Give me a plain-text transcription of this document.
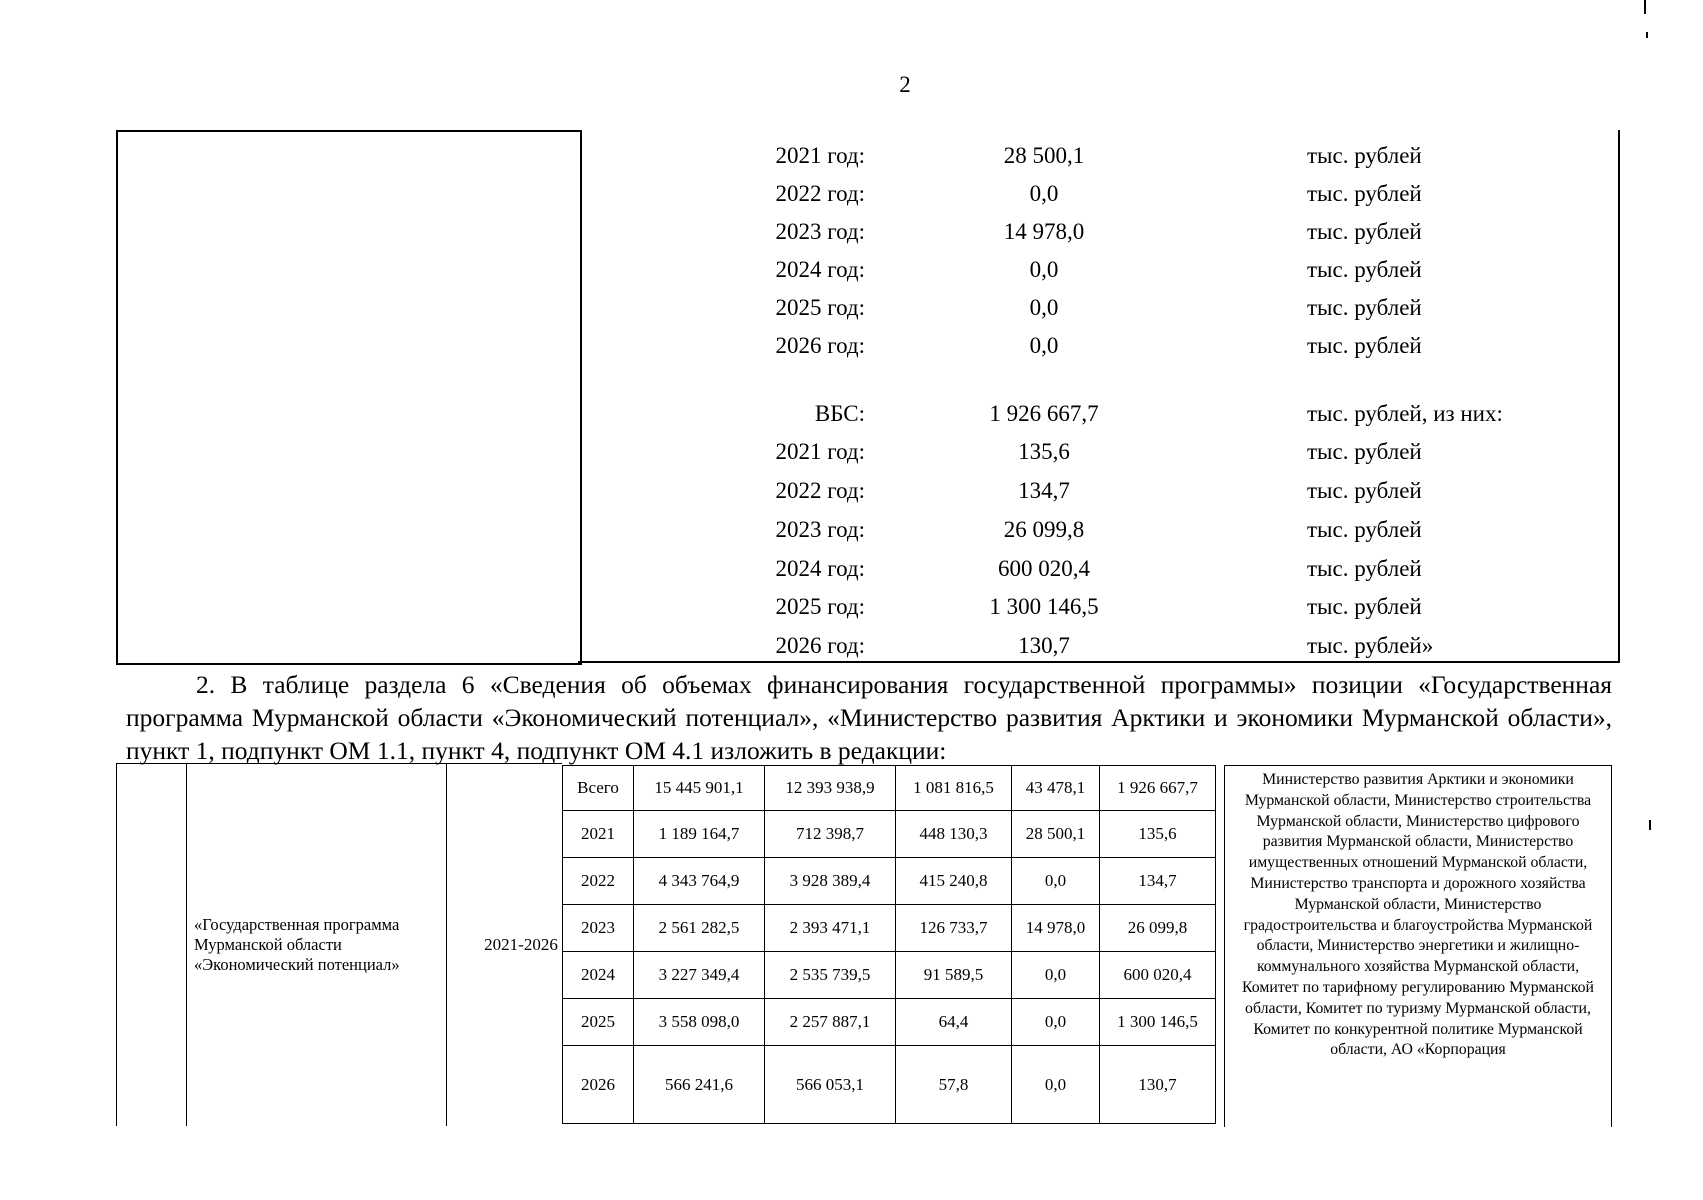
2
2021 год:	28 500,1	тыс. рублей
2022 год:	0,0	тыс. рублей
2023 год:	14 978,0	тыс. рублей
2024 год:	0,0	тыс. рублей
2025 год:	0,0	тыс. рублей
2026 год:	0,0	тыс. рублей
ВБС:	1 926 667,7	тыс. рублей, из них:
2021 год:	135,6	тыс. рублей
2022 год:	134,7	тыс. рублей
2023 год:	26 099,8	тыс. рублей
2024 год:	600 020,4	тыс. рублей
2025 год:	1 300 146,5	тыс. рублей
2026 год:	130,7	тыс. рублей»
2. В таблице раздела 6 «Сведения об объемах финансирования государственной программы» позиции «Государственная программа Мурманской области «Экономический потенциал», «Министерство развития Арктики и экономики Мурманской области», пункт 1, подпункт ОМ 1.1, пункт 4, подпункт ОМ 4.1 изложить в редакции:
«Государственная программа Мурманской области «Экономический потенциал»
2021-2026
Всего	15 445 901,1	12 393 938,9	1 081 816,5	43 478,1	1 926 667,7
2021	1 189 164,7	712 398,7	448 130,3	28 500,1	135,6
2022	4 343 764,9	3 928 389,4	415 240,8	0,0	134,7
2023	2 561 282,5	2 393 471,1	126 733,7	14 978,0	26 099,8
2024	3 227 349,4	2 535 739,5	91 589,5	0,0	600 020,4
2025	3 558 098,0	2 257 887,1	64,4	0,0	1 300 146,5
2026	566 241,6	566 053,1	57,8	0,0	130,7
Министерство развития Арктики и экономики Мурманской области, Министерство строительства Мурманской области, Министерство цифрового развития Мурманской области, Министерство имущественных отношений Мурманской области, Министерство транспорта и дорожного хозяйства Мурманской области, Министерство градостроительства и благоустройства Мурманской области, Министерство энергетики и жилищно-коммунального хозяйства Мурманской области, Комитет по тарифному регулированию Мурманской области, Комитет по туризму Мурманской области, Комитет по конкурентной политике Мурманской области, АО «Корпорация
